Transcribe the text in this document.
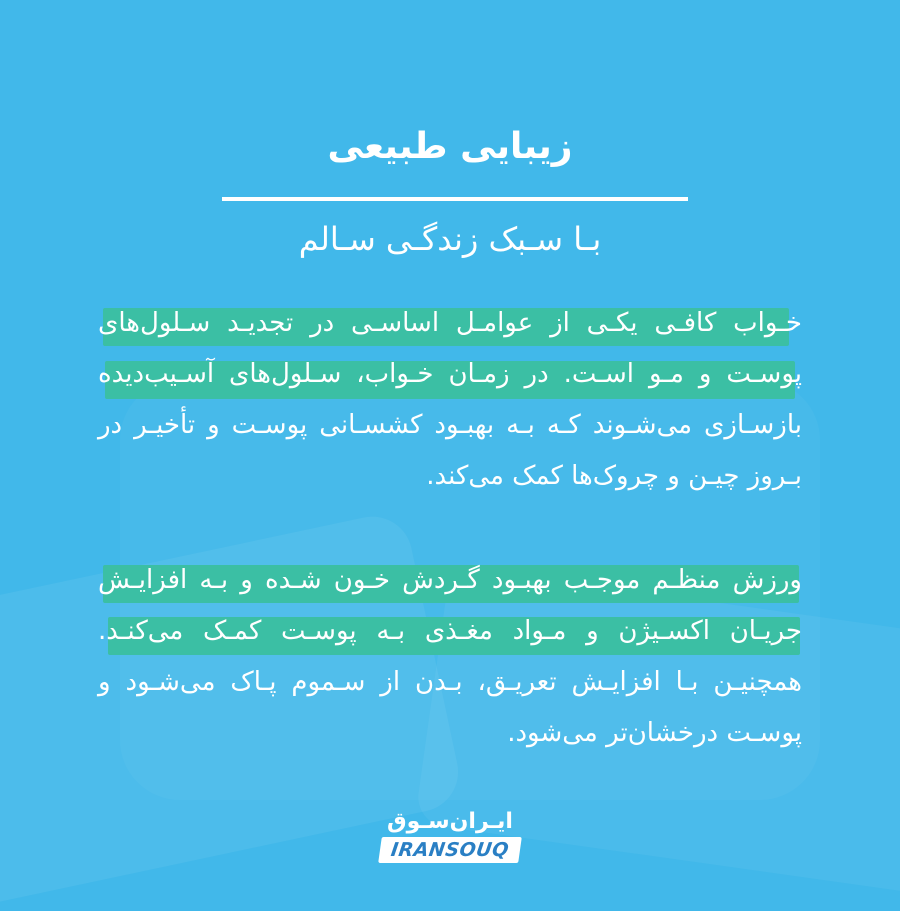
زیبایی طبیعی
بـا سـبک زندگـی سـالم
خـواب کافـی یکـی از عوامـل اساسـی در تجدیـد سـلول‌های پوسـت و مـو اسـت. در زمـان خـواب، سـلول‌های آسـیب‌دیده بازسـازی می‌شـوند کـه بـه بهبـود کشسـانی پوسـت و تأخیـر در بـروز چیـن و چروک‌ها کمک می‌کند.
ورزش منظـم موجـب بهبـود گـردش خـون شـده و بـه افزایـش جریـان اکسـیژن و مـواد مغـذی بـه پوسـت کمـک می‌کنـد. همچنیـن بـا افزایـش تعریـق، بـدن از سـموم پـاک می‌شـود و پوسـت درخشان‌تر می‌شود.
ایـران‌سـوق
IRANSOUQ
